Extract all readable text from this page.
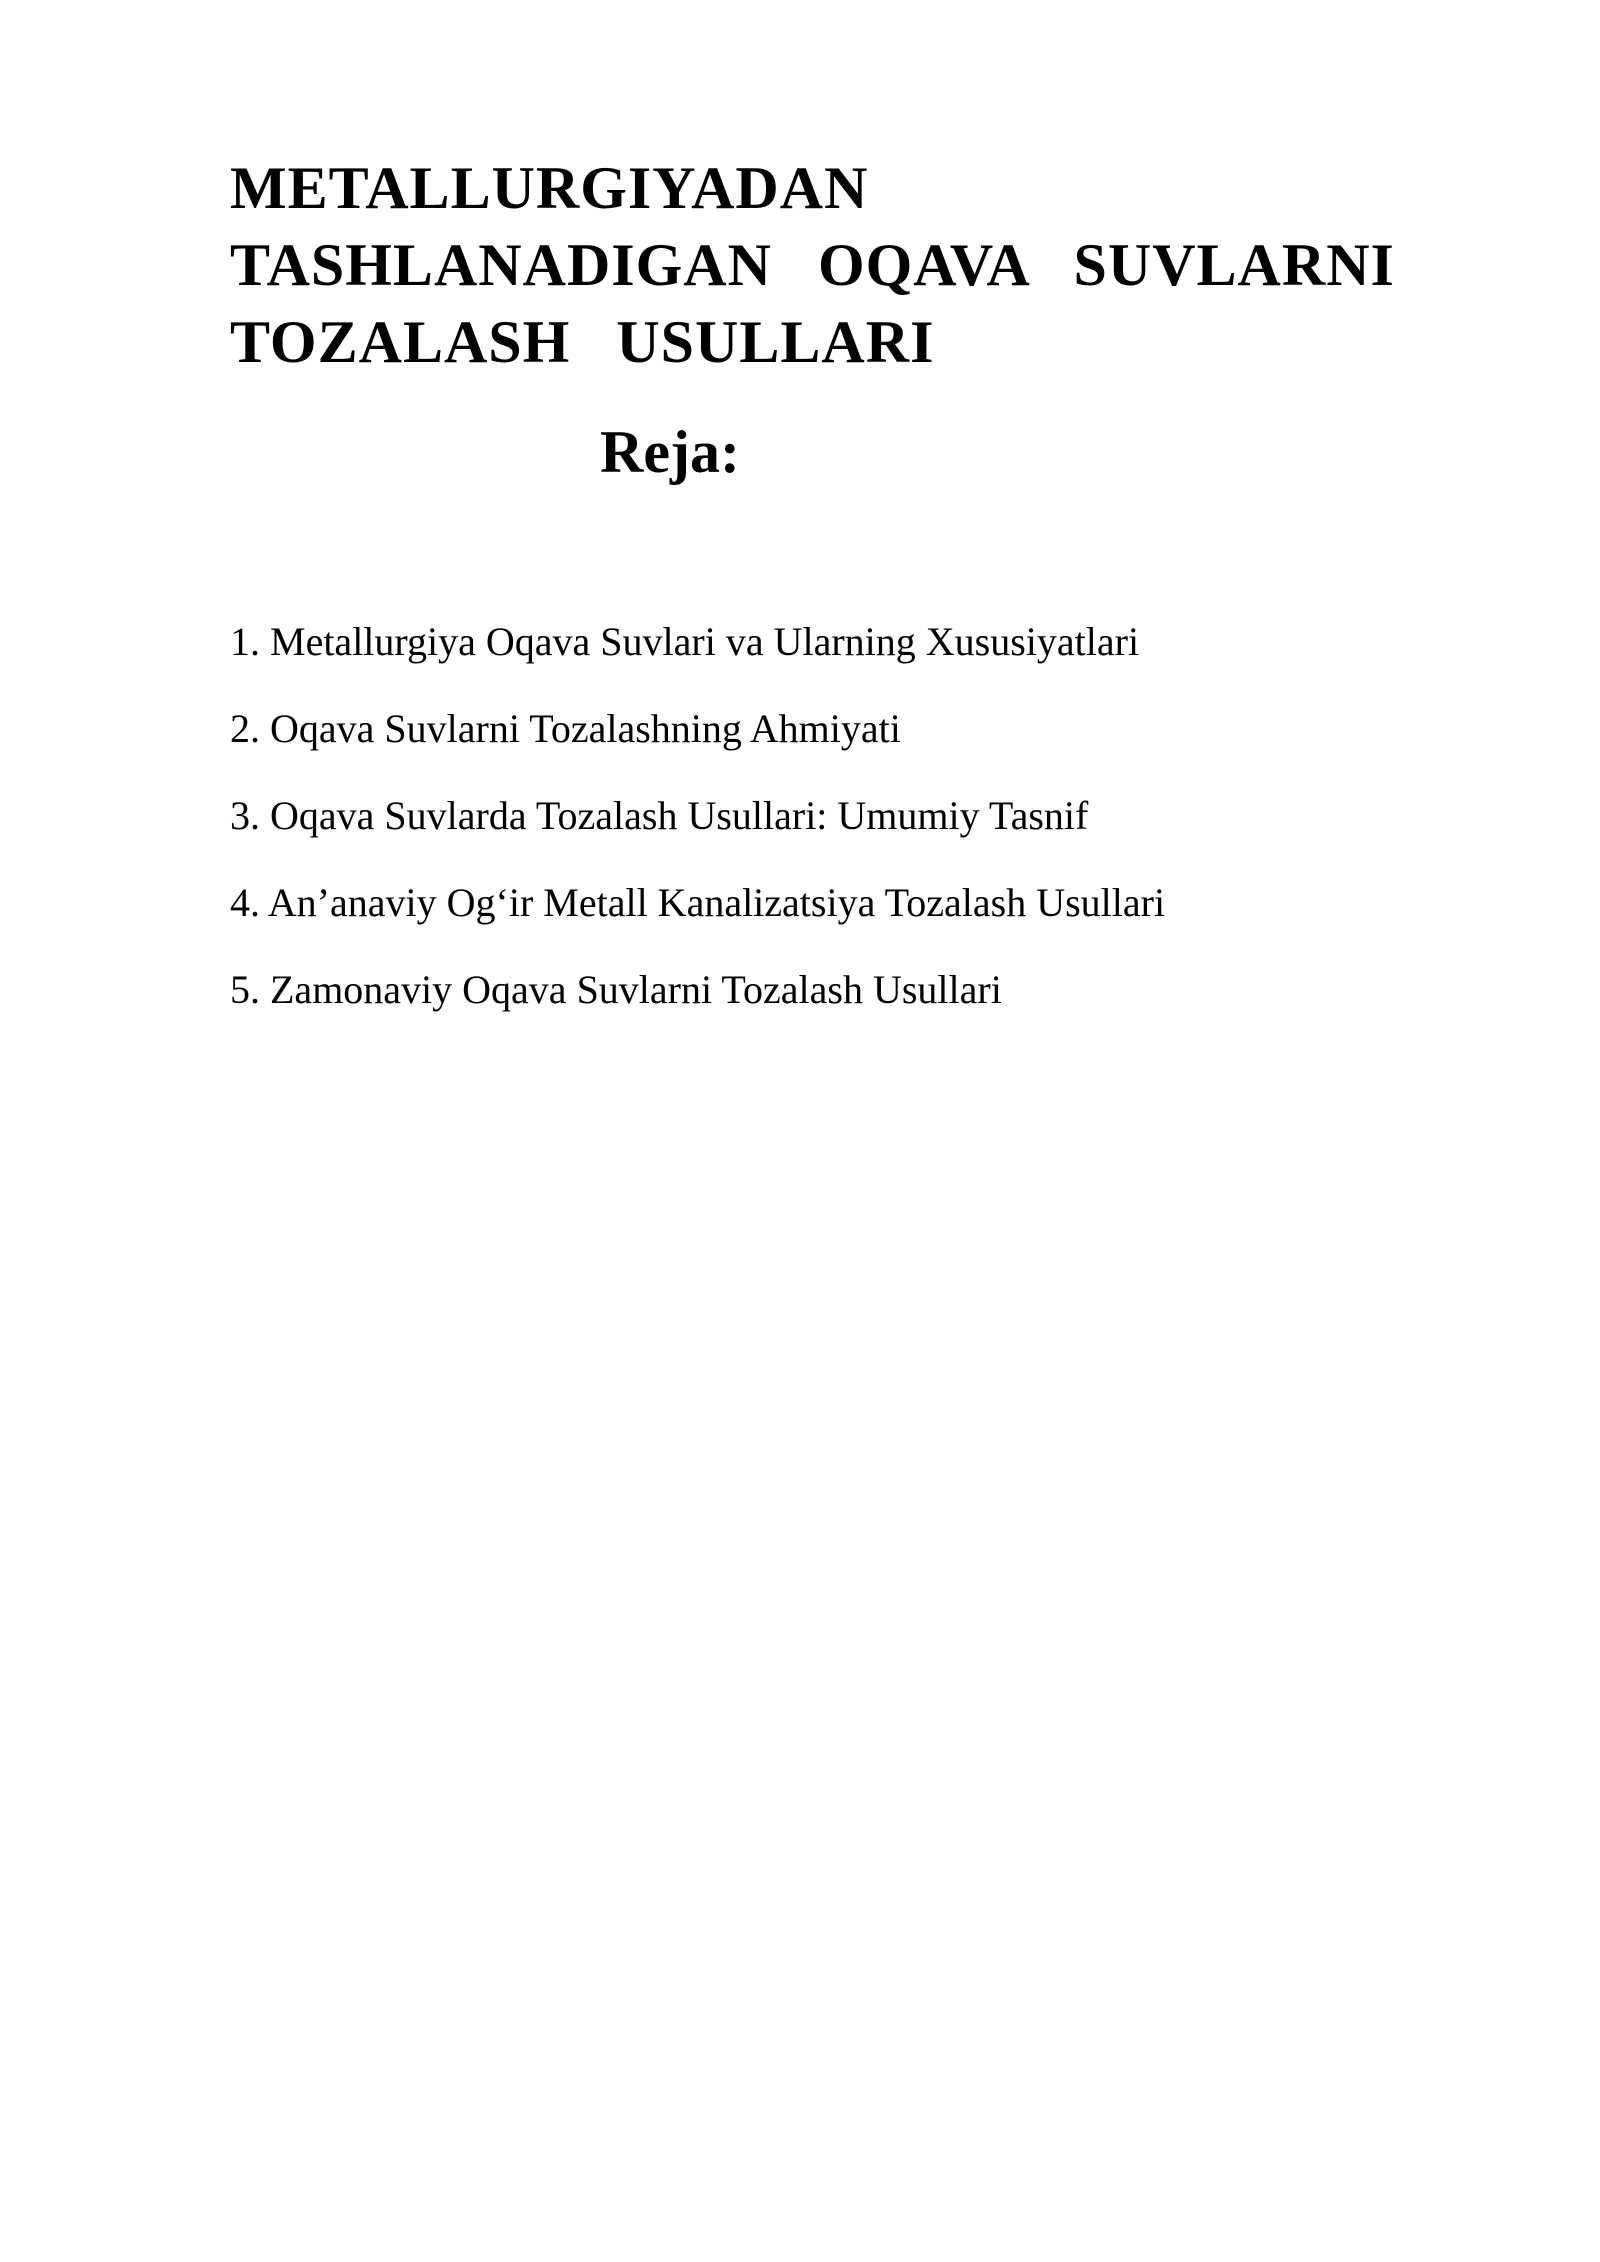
METALLURGIYADAN
TASHLANADIGAN OQAVA SUVLARNI
TOZALASH USULLARI
Reja:
1. Metallurgiya Oqava Suvlari va Ularning Xususiyatlari
2. Oqava Suvlarni Tozalashning Ahmiyati
3. Oqava Suvlarda Tozalash Usullari: Umumiy Tasnif
4. An’anaviy Og‘ir Metall Kanalizatsiya Tozalash Usullari
5. Zamonaviy Oqava Suvlarni Tozalash Usullari
